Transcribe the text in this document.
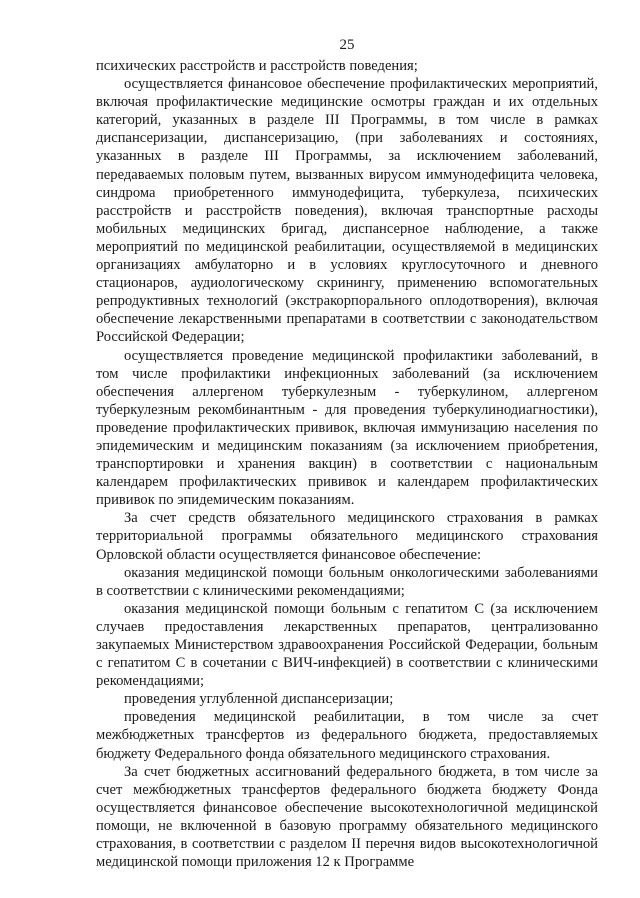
25

психических расстройств и расстройств поведения;

осуществляется финансовое обеспечение профилактических мероприятий, включая профилактические медицинские осмотры граждан и их отдельных категорий, указанных в разделе III Программы, в том числе в рамках диспансеризации, диспансеризацию, (при заболеваниях и состояниях, указанных в разделе III Программы, за исключением заболеваний, передаваемых половым путем, вызванных вирусом иммунодефицита человека, синдрома приобретенного иммунодефицита, туберкулеза, психических расстройств и расстройств поведения), включая транспортные расходы мобильных медицинских бригад, диспансерное наблюдение, а также мероприятий по медицинской реабилитации, осуществляемой в медицинских организациях амбулаторно и в условиях круглосуточного и дневного стационаров, аудиологическому скринингу, применению вспомогательных репродуктивных технологий (экстракорпорального оплодотворения), включая обеспечение лекарственными препаратами в соответствии с законодательством Российской Федерации;

осуществляется проведение медицинской профилактики заболеваний, в том числе профилактики инфекционных заболеваний (за исключением обеспечения аллергеном туберкулезным - туберкулином, аллергеном туберкулезным рекомбинантным - для проведения туберкулинодиагностики), проведение профилактических прививок, включая иммунизацию населения по эпидемическим и медицинским показаниям (за исключением приобретения, транспортировки и хранения вакцин) в соответствии с национальным календарем профилактических прививок и календарем профилактических прививок по эпидемическим показаниям.

За счет средств обязательного медицинского страхования в рамках территориальной программы обязательного медицинского страхования Орловской области осуществляется финансовое обеспечение:

оказания медицинской помощи больным онкологическими заболеваниями в соответствии с клиническими рекомендациями;

оказания медицинской помощи больным с гепатитом С (за исключением случаев предоставления лекарственных препаратов, централизованно закупаемых Министерством здравоохранения Российской Федерации, больным с гепатитом С в сочетании с ВИЧ-инфекцией) в соответствии с клиническими рекомендациями;

проведения углубленной диспансеризации;

проведения медицинской реабилитации, в том числе за счет межбюджетных трансфертов из федерального бюджета, предоставляемых бюджету Федерального фонда обязательного медицинского страхования.

За счет бюджетных ассигнований федерального бюджета, в том числе за счет межбюджетных трансфертов федерального бюджета бюджету Фонда осуществляется финансовое обеспечение высокотехнологичной медицинской помощи, не включенной в базовую программу обязательного медицинского страхования, в соответствии с разделом II перечня видов высокотехнологичной медицинской помощи приложения 12 к Программе
